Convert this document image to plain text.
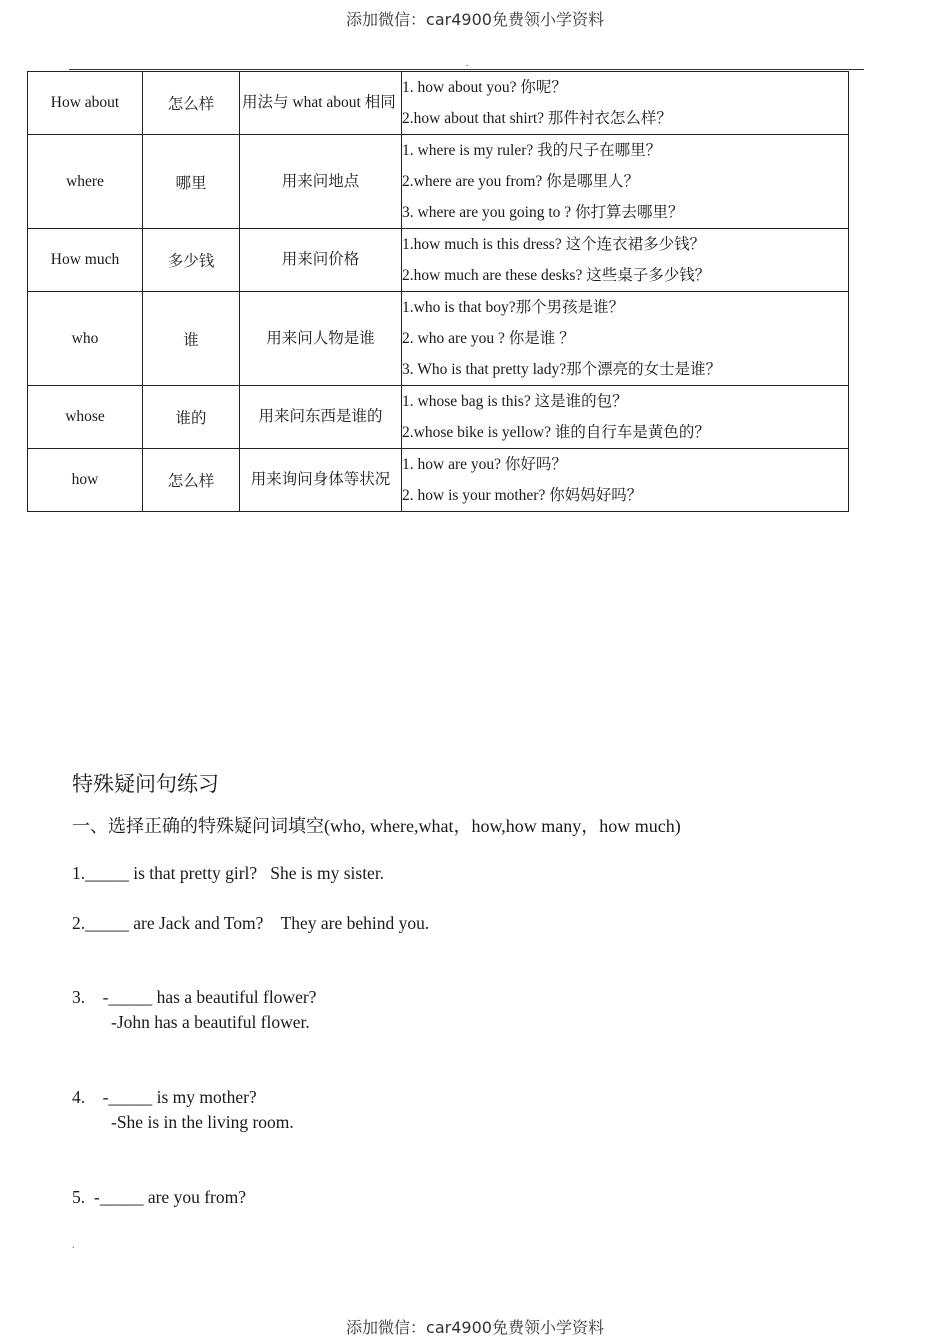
添加微信：car4900免费领小学资料
.
How about	怎么样	用法与 what about 相同	1. how about you? 你呢？
2.how about that shirt? 那件衬衣怎么样？

where	哪里	用来问地点	1. where is my ruler? 我的尺子在哪里？
2.where are you from? 你是哪里人？
3. where are you going to ? 你打算去哪里？

How much	多少钱	用来问价格	1.how much is this dress? 这个连衣裙多少钱？
2.how much are these desks? 这些桌子多少钱？

who	谁	用来问人物是谁	1.who is that boy?那个男孩是谁？
2. who are you ? 你是谁 ？
3. Who is that pretty lady?那个漂亮的女士是谁？

whose	谁的	用来问东西是谁的	1. whose bag is this? 这是谁的包？
2.whose bike is yellow? 谁的自行车是黄色的？

how	怎么样	用来询问身体等状况	1. how are you? 你好吗？
2. how is your mother? 你妈妈好吗？
特殊疑问句练习
一、选择正确的特殊疑问词填空(who, where,what，how,how many，how much)
1._____ is that pretty girl?   She is my sister.
2._____ are Jack and Tom?    They are behind you.
3.    -_____ has a beautiful flower?
-John has a beautiful flower.
4.    -_____ is my mother?
-She is in the living room.
5.  -_____ are you from?
.
添加微信：car4900免费领小学资料
